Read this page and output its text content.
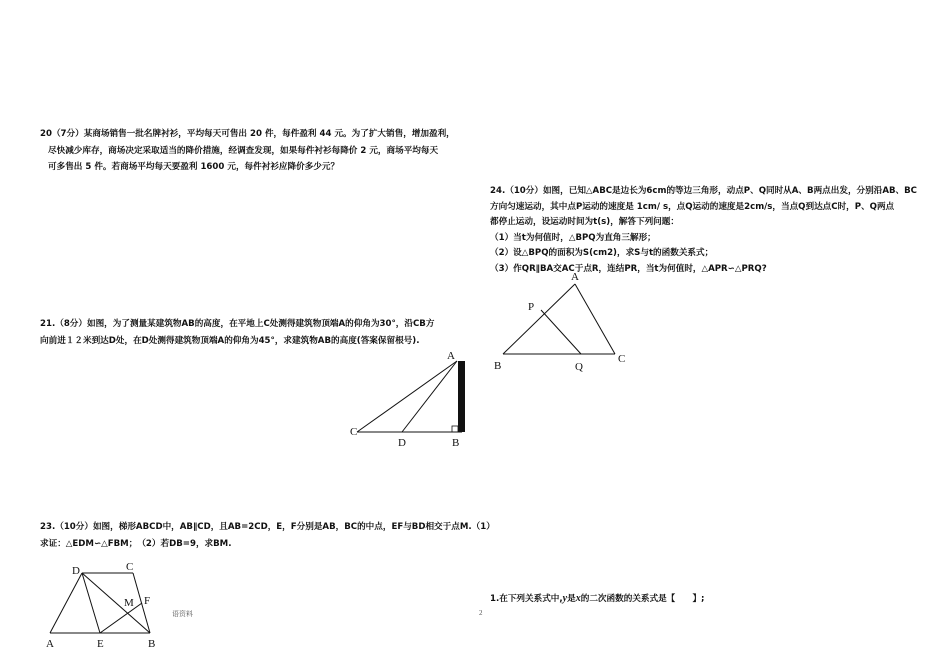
20（7分）某商场销售一批名牌衬衫，平均每天可售出 20 件，每件盈利 44 元。为了扩大销售，增加盈利，

尽快减少库存，商场决定采取适当的降价措施，经调查发现，如果每件衬衫每降价 2 元，商场平均每天

可多售出 5 件。若商场平均每天要盈利 1600 元，每件衬衫应降价多少元？

24.（10分）如图，已知△ABC是边长为6cm的等边三角形，动点P、Q同时从A、B两点出发，分别沿AB、BC

方向匀速运动，其中点P运动的速度是 1cm/ s，点Q运动的速度是2cm/s，当点Q到达点C时，P、Q两点

都停止运动，设运动时间为t(s)，解答下列问题：

（1）当t为何值时，△BPQ为直角三解形；

（2）设△BPQ的面积为S(cm2)，求S与t的函数关系式；

（3）作QR∥BA交AC于点R，连结PR，当t为何值时，△APR∽△PRQ?

A
P
B	Q
C

21.（8分）如图，为了测量某建筑物AB的高度，在平地上C处测得建筑物顶端A的仰角为30°，沿CB方

向前进１２米到达D处，在D处测得建筑物顶端A的仰角为45°，求建筑物AB的高度(答案保留根号).

A
C
D	B

23.（10分）如图，梯形ABCD中，AB∥CD，且AB=2CD，E，F分别是AB，BC的中点，EF与BD相交于点M.（1）

求证：△EDM∽△FBM；　（2）若DB=9，求BM.

D	C
M F
A	E	B
1.在下列关系式中,y是x的二次函数的关系式是【　　】;
语资料	2
